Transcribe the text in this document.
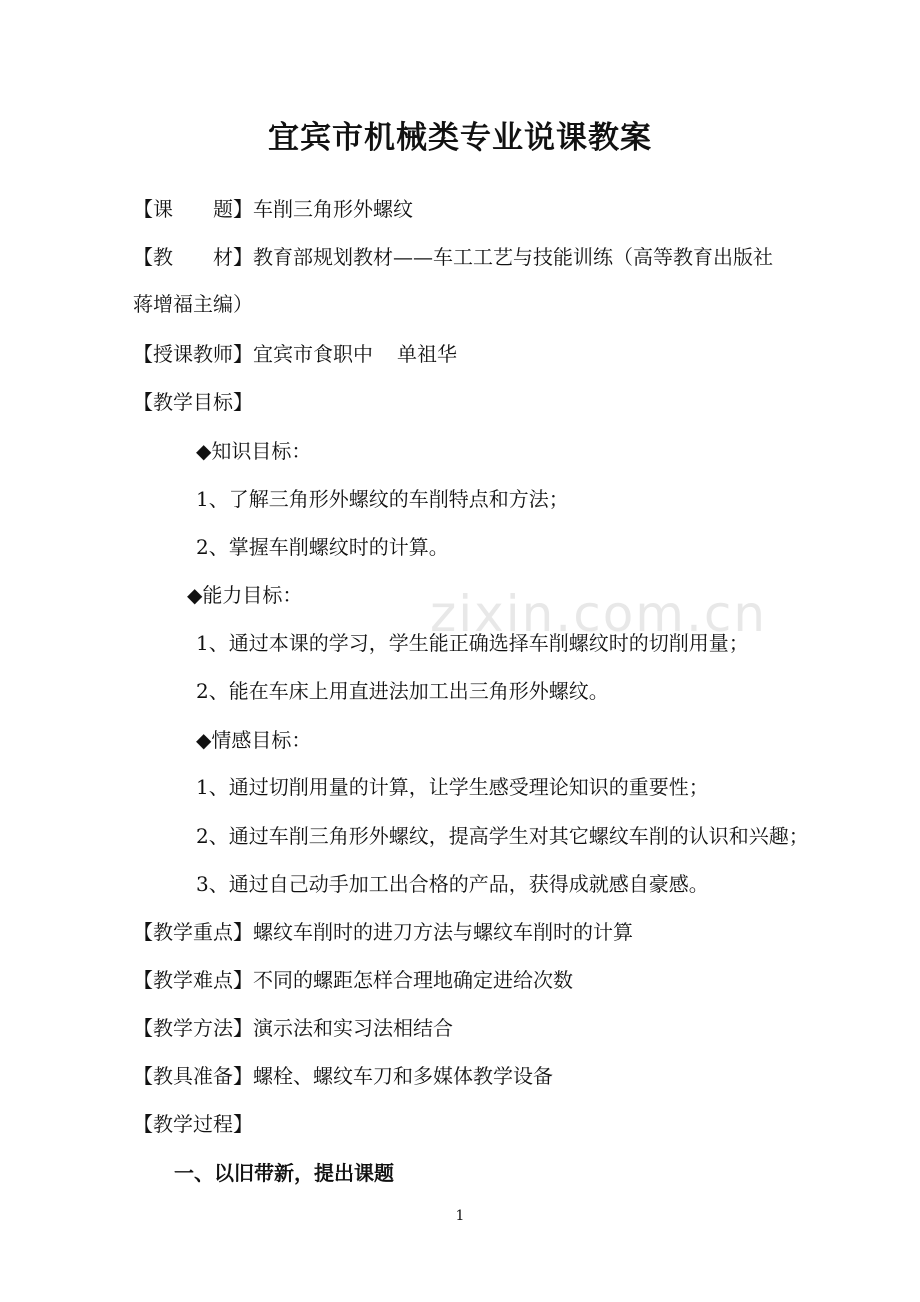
宜宾市机械类专业说课教案
zixin.com.cn
【课 题】车削三角形外螺纹
【教 材】教育部规划教材——车工工艺与技能训练（高等教育出版社
蒋增福主编）
【授课教师】宜宾市食职中 单祖华
【教学目标】
◆知识目标：
1、了解三角形外螺纹的车削特点和方法；
2、掌握车削螺纹时的计算。
◆能力目标：
1、通过本课的学习，学生能正确选择车削螺纹时的切削用量；
2、能在车床上用直进法加工出三角形外螺纹。
◆情感目标：
1、通过切削用量的计算，让学生感受理论知识的重要性；
2、通过车削三角形外螺纹，提高学生对其它螺纹车削的认识和兴趣；
3、通过自己动手加工出合格的产品，获得成就感自豪感。
【教学重点】螺纹车削时的进刀方法与螺纹车削时的计算
【教学难点】不同的螺距怎样合理地确定进给次数
【教学方法】演示法和实习法相结合
【教具准备】螺栓、螺纹车刀和多媒体教学设备
【教学过程】
一、以旧带新，提出课题
1
